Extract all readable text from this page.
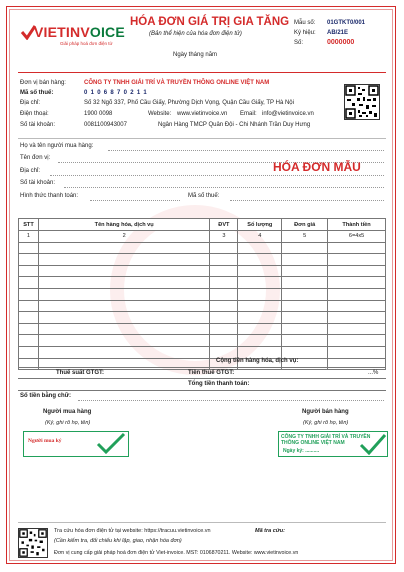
VIETINVOICE
Giải pháp hoá đơn điện tử
HÓA ĐƠN GIÁ TRỊ GIA TĂNG
(Bản thể hiện của hóa đơn điện tử)
Ngày tháng năm
Mẫu số: 01GTKT0/001
Ký hiệu: AB/21E
Số:	0000000
Đơn vị bán hàng:	CÔNG TY TNHH GIẢI TRÍ VÀ TRUYỀN THÔNG ONLINE VIỆT NAM
Mã số thuế:	0 1 0 6 8 7 0 2 1 1
Địa chỉ:	Số 32 Ngõ 337, Phố Cầu Giấy, Phường Dịch Vọng, Quận Cầu Giấy, TP Hà Nội
Điện thoại:	1900 0098	Website: www.vietinvoice.vn Email: info@vietinvoice.vn
Số tài khoản:	0081100943007	Ngân Hàng TMCP Quân Đội - Chi Nhánh Trần Duy Hưng
Họ và tên người mua hàng:
Tên đơn vị:
Địa chỉ:
Số tài khoản:
Hình thức thanh toán:	Mã số thuế:
HÓA ĐƠN MẪU
STT	Tên hàng hóa, dịch vụ	ĐVT	Số lượng	Đơn giá	Thành tiền
1	2	3	4	5	6=4x5

Cộng tiền hàng hóa, dịch vụ:
Thuế suất GTGT:	Tiền thuế GTGT:	...%
Tổng tiền thanh toán:
Số tiền bằng chữ:
Người mua hàng
(Ký, ghi rõ họ, tên)
Người mua ký
Người bán hàng
(Ký, ghi rõ họ, tên)
CÔNG TY TNHH GIẢI TRÍ VÀ TRUYỀN THÔNG ONLINE VIỆT NAM
Ngày ký: ..........
Tra cứu hóa đơn điện tử tại website: https://tracuu.vietinvoice.vn	Mã tra cứu:
(Cần kiểm tra, đối chiếu khi lập, giao, nhận hóa đơn)
Đơn vị cung cấp giải pháp hoá đơn điện tử Viet-invoice. MST: 0106870211. Website: www.vietinvoice.vn
